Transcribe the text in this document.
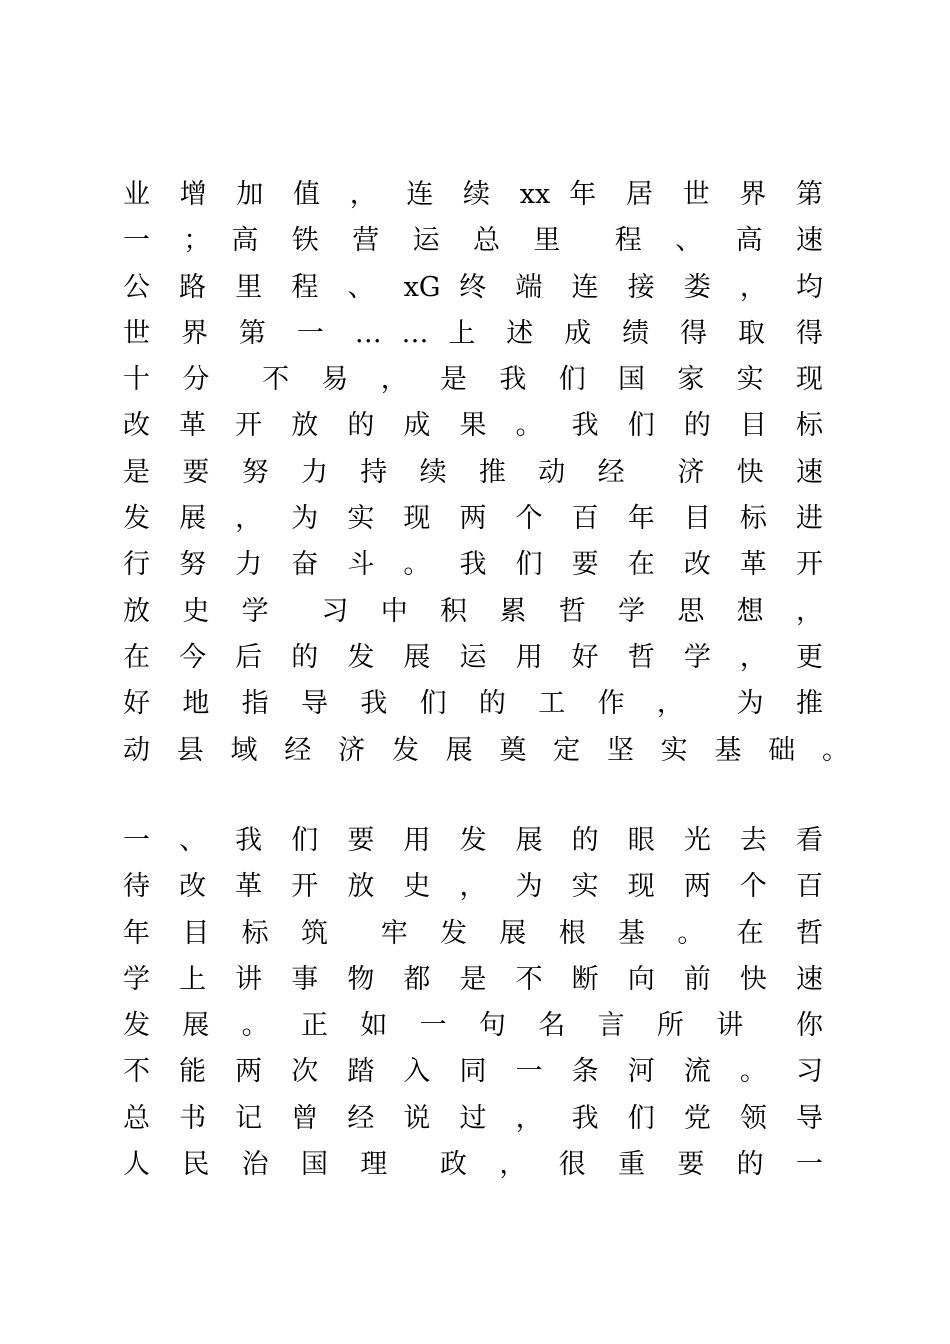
业 增 加 值 ， 连 续 xx 年 居 世 界 第
一 ； 高 铁 营 运 总 里  程 、 高 速
公 路 里 程 、 xG 终 端 连 接 娄 ， 均
世 界 第 一 … … 上 述 成 绩 得 取 得
十 分  不 易 ， 是 我 们 国 家 实 现
改 革 开 放 的 成 果 。 我 们 的 目 标
是 要 努 力 持 续 推 动 经  济 快 速
发 展 ， 为 实 现 两 个 百 年 目 标 进
行 努 力 奋 斗 。 我 们 要 在 改 革 开
放 史 学  习 中 积 累 哲 学 思 想 ，
在 今 后 的 发 展 运 用 好 哲 学 ， 更
好 地 指 导 我 们 的 工 作 ，  为 推
动 县 域 经 济 发 展 奠 定 坚 实 基 础 。
一 、 我 们 要 用 发 展 的 眼 光 去 看
待 改 革 开 放 史 ， 为 实 现 两 个 百
年 目 标 筑  牢 发 展 根 基 。 在 哲
学 上 讲 事 物 都 是 不 断 向 前 快 速
发 展 。 正 如 一 句 名 言 所 讲  你
不 能 两 次 踏 入 同 一 条 河 流 。 习
总 书 记 曾 经 说 过 ， 我 们 党 领 导
人 民 治 国 理  政 ， 很 重 要 的 一
